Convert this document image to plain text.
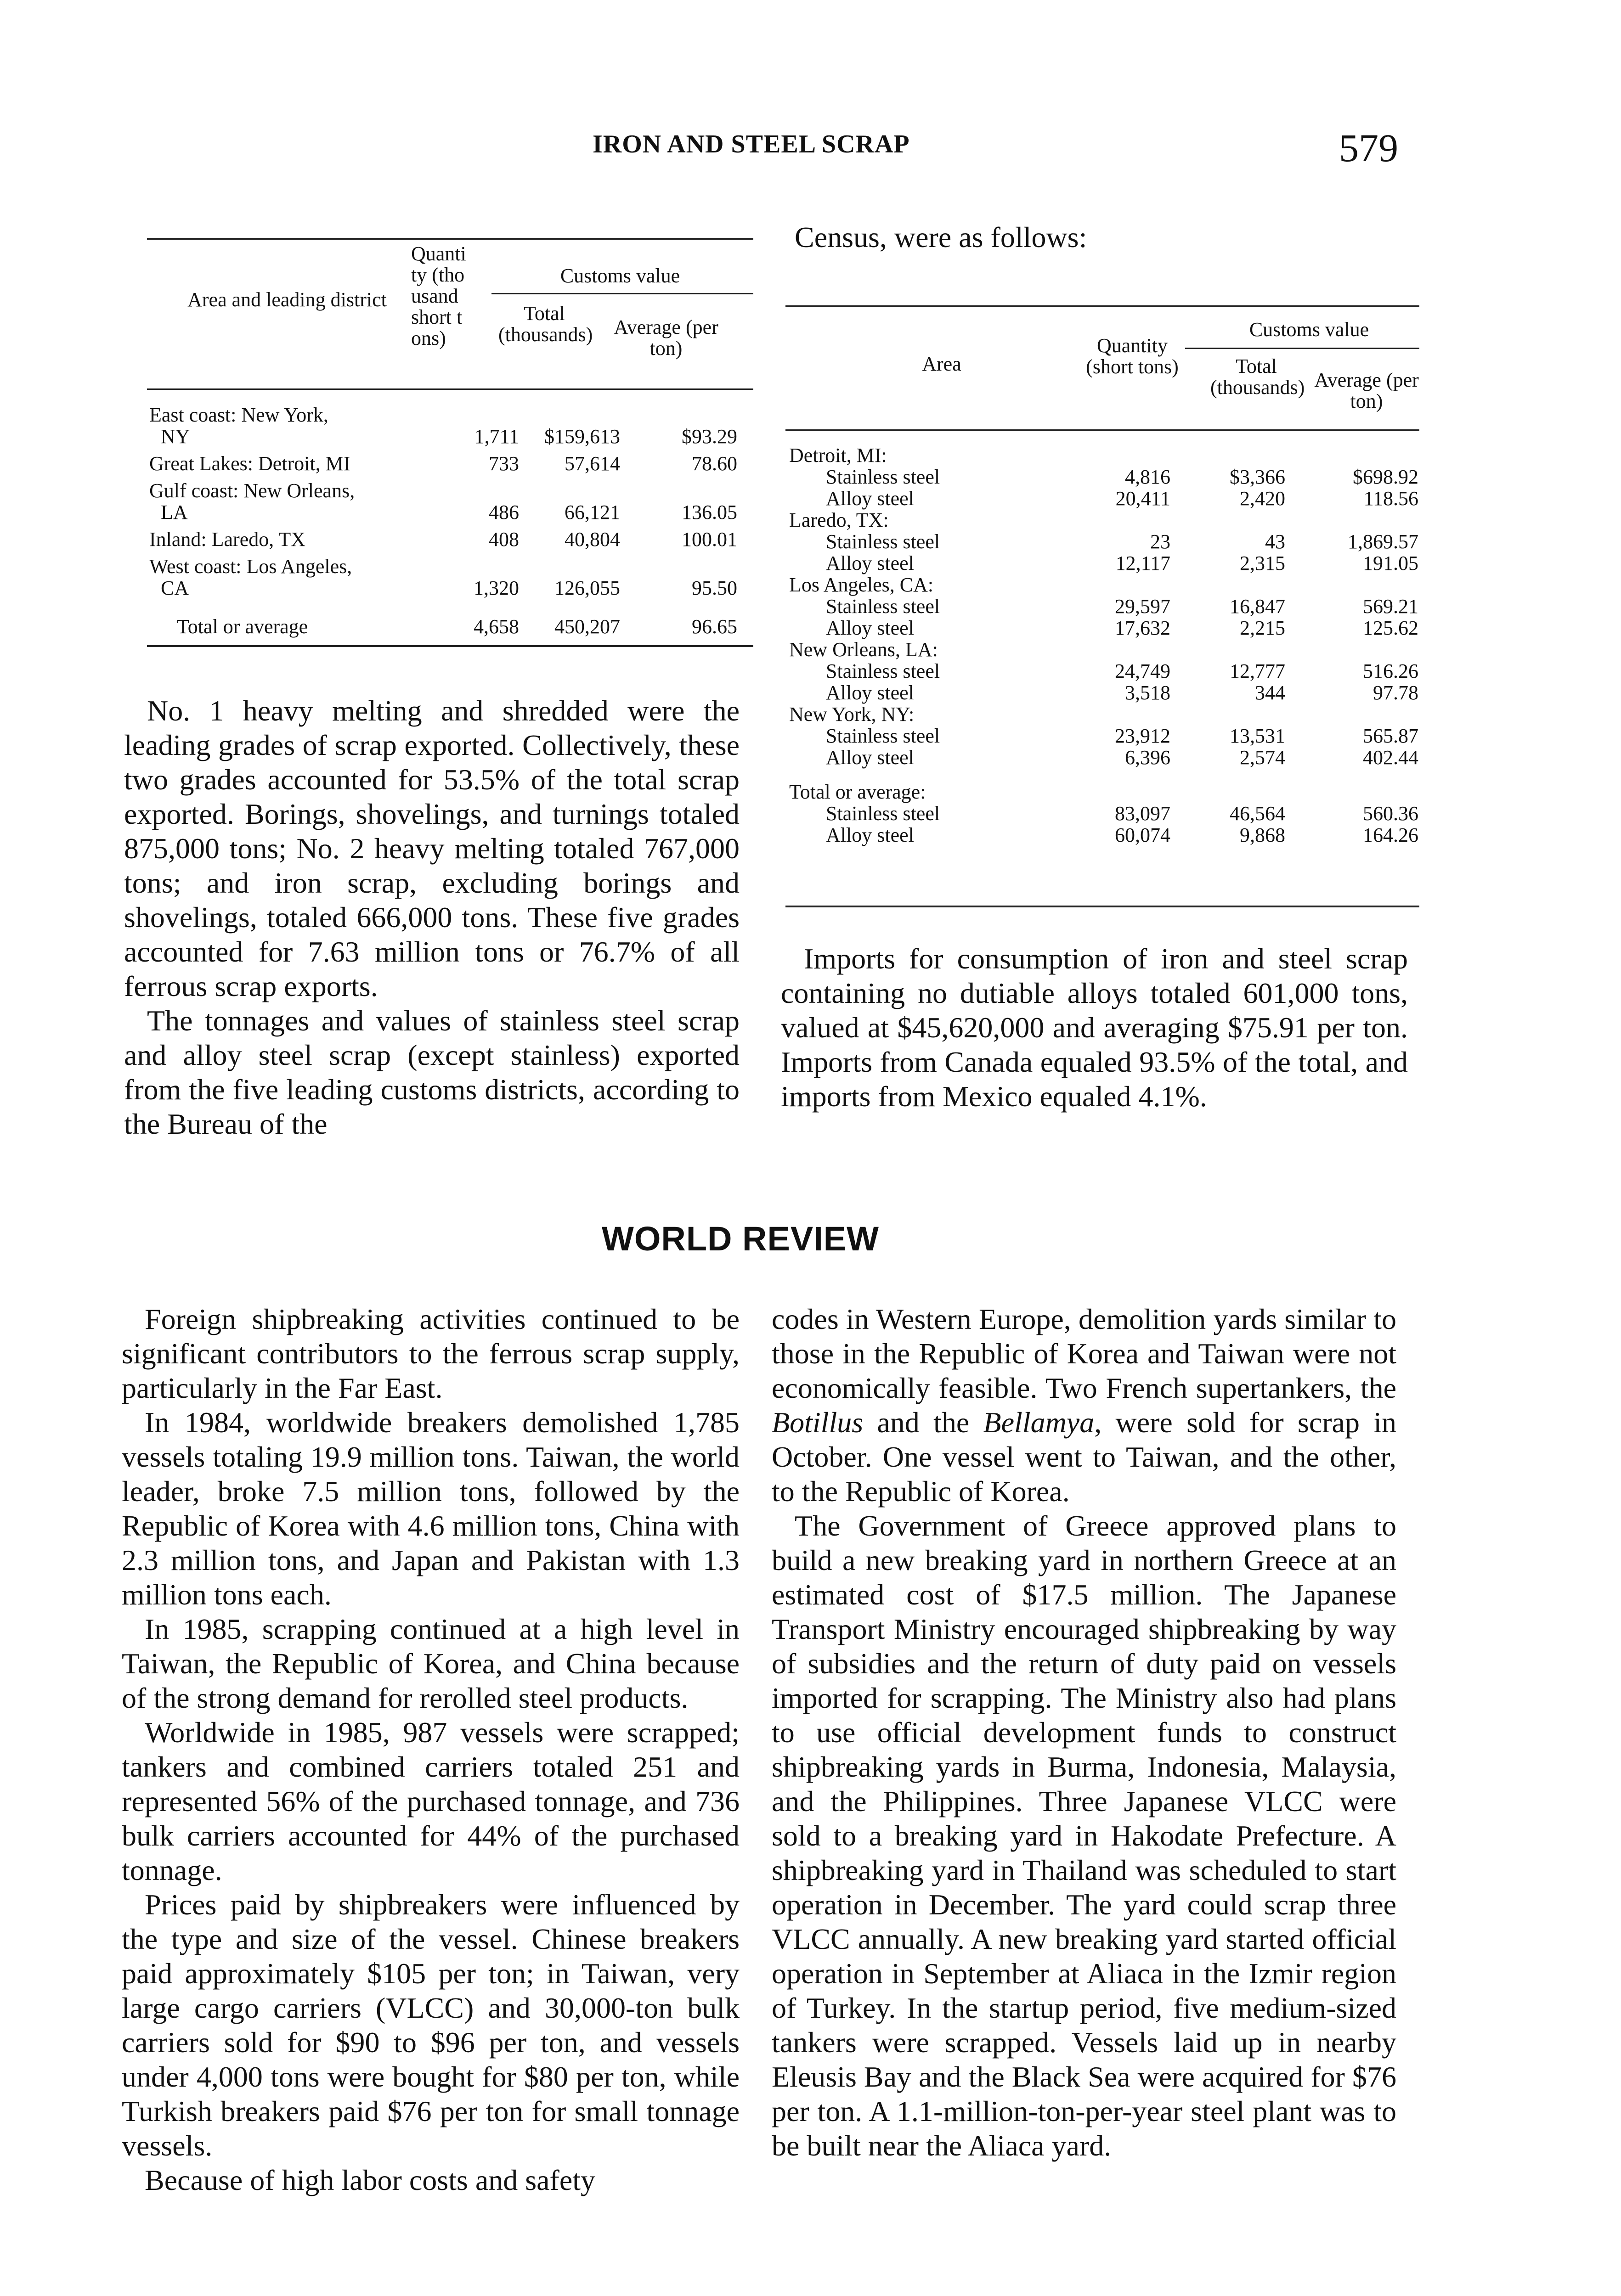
IRON AND STEEL SCRAP	579
Area and leading district
Quantity (thousand short tons)
Customs value
Total (thousands)	Average (per ton)
East coast: New York,
NY	1,711	$159,613	$93.29

Great Lakes: Detroit, MI	733	57,614	78.60

Gulf coast: New Orleans,
LA	486	66,121	136.05

Inland: Laredo, TX	408	40,804	100.01

West coast: Los Angeles,
CA	1,320	126,055	95.50
Total or average	4,658	450,207	96.65

No. 1 heavy melting and shredded were the leading grades of scrap exported. Collectively, these two grades accounted for 53.5% of the total scrap exported. Borings, shovelings, and turnings totaled 875,000 tons; No. 2 heavy melting totaled 767,000 tons; and iron scrap, excluding borings and shovelings, totaled 666,000 tons. These five grades accounted for 7.63 million tons or 76.7% of all ferrous scrap exports.

The tonnages and values of stainless steel scrap and alloy steel scrap (except stainless) exported from the five leading customs districts, according to the Bureau of the

Census, were as follows:
Area
Quantity (short tons)
Customs value
Total (thousands) Average (per ton)
Detroit, MI:			
Stainless steel	4,816	$3,366	$698.92
Alloy steel	20,411	2,420	118.56
Laredo, TX:			
Stainless steel	23	43	1,869.57
Alloy steel	12,117	2,315	191.05
Los Angeles, CA:			
Stainless steel	29,597	16,847	569.21
Alloy steel	17,632	2,215	125.62
New Orleans, LA:			
Stainless steel	24,749	12,777	516.26
Alloy steel	3,518	344	97.78
New York, NY:			
Stainless steel	23,912	13,531	565.87
Alloy steel	6,396	2,574	402.44
Total or average:			
Stainless steel	83,097	46,564	560.36
Alloy steel	60,074	9,868	164.26

Imports for consumption of iron and steel scrap containing no dutiable alloys totaled 601,000 tons, valued at $45,620,000 and averaging $75.91 per ton. Imports from Canada equaled 93.5% of the total, and imports from Mexico equaled 4.1%.

WORLD REVIEW

Foreign shipbreaking activities continued to be significant contributors to the ferrous scrap supply, particularly in the Far East.

In 1984, worldwide breakers demolished 1,785 vessels totaling 19.9 million tons. Taiwan, the world leader, broke 7.5 million tons, followed by the Republic of Korea with 4.6 million tons, China with 2.3 million tons, and Japan and Pakistan with 1.3 million tons each.

In 1985, scrapping continued at a high level in Taiwan, the Republic of Korea, and China because of the strong demand for rerolled steel products.

Worldwide in 1985, 987 vessels were scrapped; tankers and combined carriers totaled 251 and represented 56% of the purchased tonnage, and 736 bulk carriers accounted for 44% of the purchased tonnage.

Prices paid by shipbreakers were influenced by the type and size of the vessel. Chinese breakers paid approximately $105 per ton; in Taiwan, very large cargo carriers (VLCC) and 30,000-ton bulk carriers sold for $90 to $96 per ton, and vessels under 4,000 tons were bought for $80 per ton, while Turkish breakers paid $76 per ton for small tonnage vessels.

Because of high labor costs and safety

codes in Western Europe, demolition yards similar to those in the Republic of Korea and Taiwan were not economically feasible. Two French supertankers, the Botillus and the Bellamya, were sold for scrap in October. One vessel went to Taiwan, and the other, to the Republic of Korea.

The Government of Greece approved plans to build a new breaking yard in northern Greece at an estimated cost of $17.5 million. The Japanese Transport Ministry encouraged shipbreaking by way of subsidies and the return of duty paid on vessels imported for scrapping. The Ministry also had plans to use official development funds to construct shipbreaking yards in Burma, Indonesia, Malaysia, and the Philippines. Three Japanese VLCC were sold to a breaking yard in Hakodate Prefecture. A shipbreaking yard in Thailand was scheduled to start operation in December. The yard could scrap three VLCC annually. A new breaking yard started official operation in September at Aliaca in the Izmir region of Turkey. In the startup period, five medium-sized tankers were scrapped. Vessels laid up in nearby Eleusis Bay and the Black Sea were acquired for $76 per ton. A 1.1-million-ton-per-year steel plant was to be built near the Aliaca yard.
